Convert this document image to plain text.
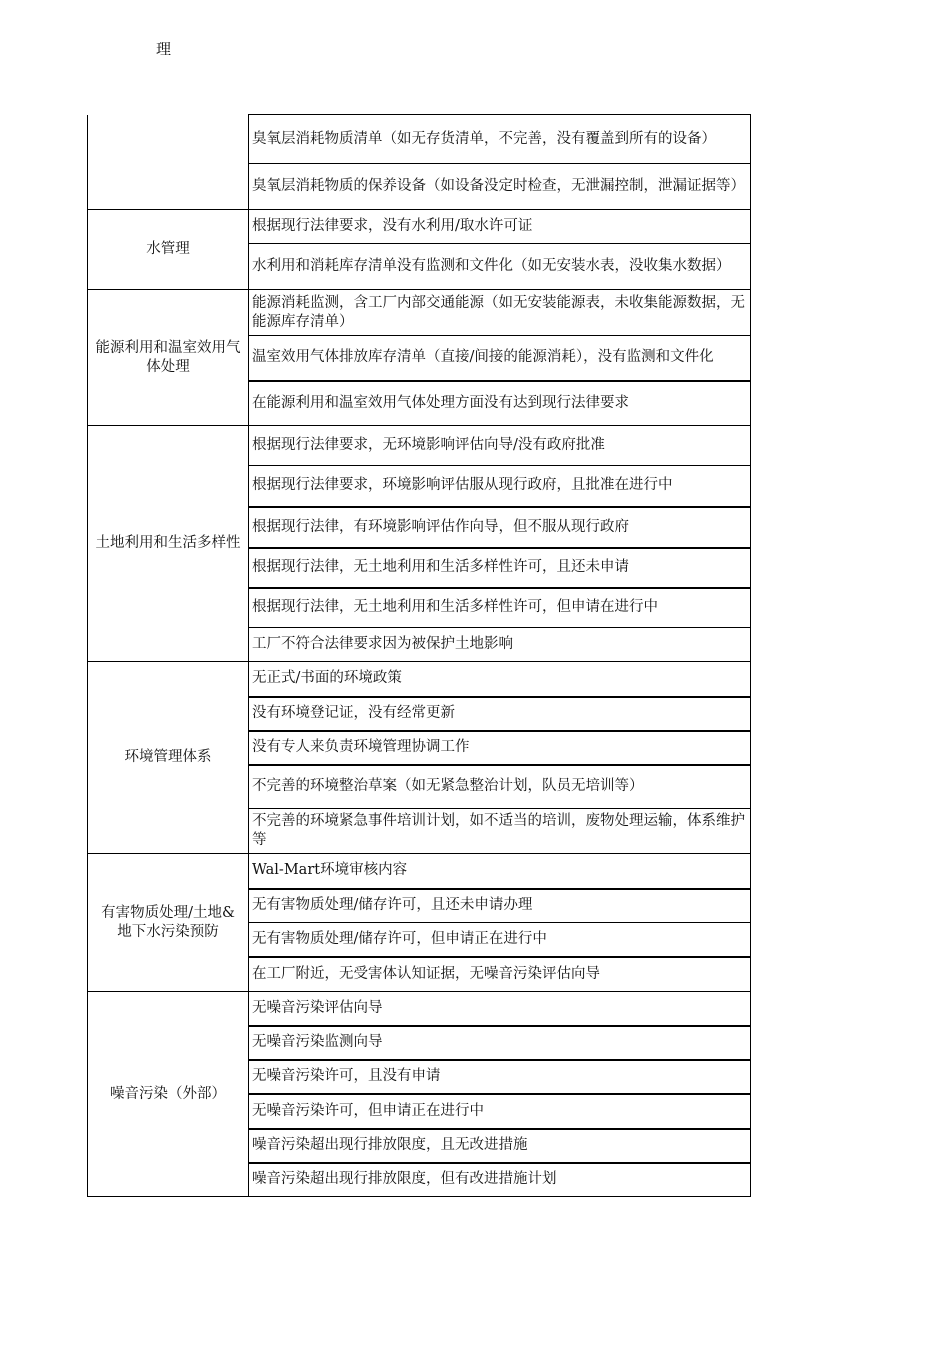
理
	臭氧层消耗物质清单（如无存货清单，不完善，没有覆盖到所有的设备）
	臭氧层消耗物质的保养设备（如设备没定时检查，无泄漏控制，泄漏证据等）
水管理	根据现行法律要求，没有水利用/取水许可证
	水利用和消耗库存清单没有监测和文件化（如无安装水表，没收集水数据）
能源利用和温室效用气体处理	能源消耗监测，含工厂内部交通能源（如无安装能源表，未收集能源数据，无能源库存清单）
	温室效用气体排放库存清单（直接/间接的能源消耗），没有监测和文件化
	在能源利用和温室效用气体处理方面没有达到现行法律要求
土地利用和生活多样性	根据现行法律要求，无环境影响评估向导/没有政府批准
	根据现行法律要求，环境影响评估服从现行政府，且批准在进行中
	根据现行法律，有环境影响评估作向导，但不服从现行政府
	根据现行法律，无土地利用和生活多样性许可，且还未申请
	根据现行法律，无土地利用和生活多样性许可，但申请在进行中
	工厂不符合法律要求因为被保护土地影响
环境管理体系	无正式/书面的环境政策
	没有环境登记证，没有经常更新
	没有专人来负责环境管理协调工作
	不完善的环境整治草案（如无紧急整治计划，队员无培训等）
	不完善的环境紧急事件培训计划，如不适当的培训，废物处理运输，体系维护等
有害物质处理/土地&地下水污染预防	Wal-Mart环境审核内容
	无有害物质处理/储存许可，且还未申请办理
	无有害物质处理/储存许可，但申请正在进行中
	在工厂附近，无受害体认知证据，无噪音污染评估向导
噪音污染（外部）	无噪音污染评估向导
	无噪音污染监测向导
	无噪音污染许可，且没有申请
	无噪音污染许可，但申请正在进行中
	噪音污染超出现行排放限度，且无改进措施
	噪音污染超出现行排放限度，但有改进措施计划
